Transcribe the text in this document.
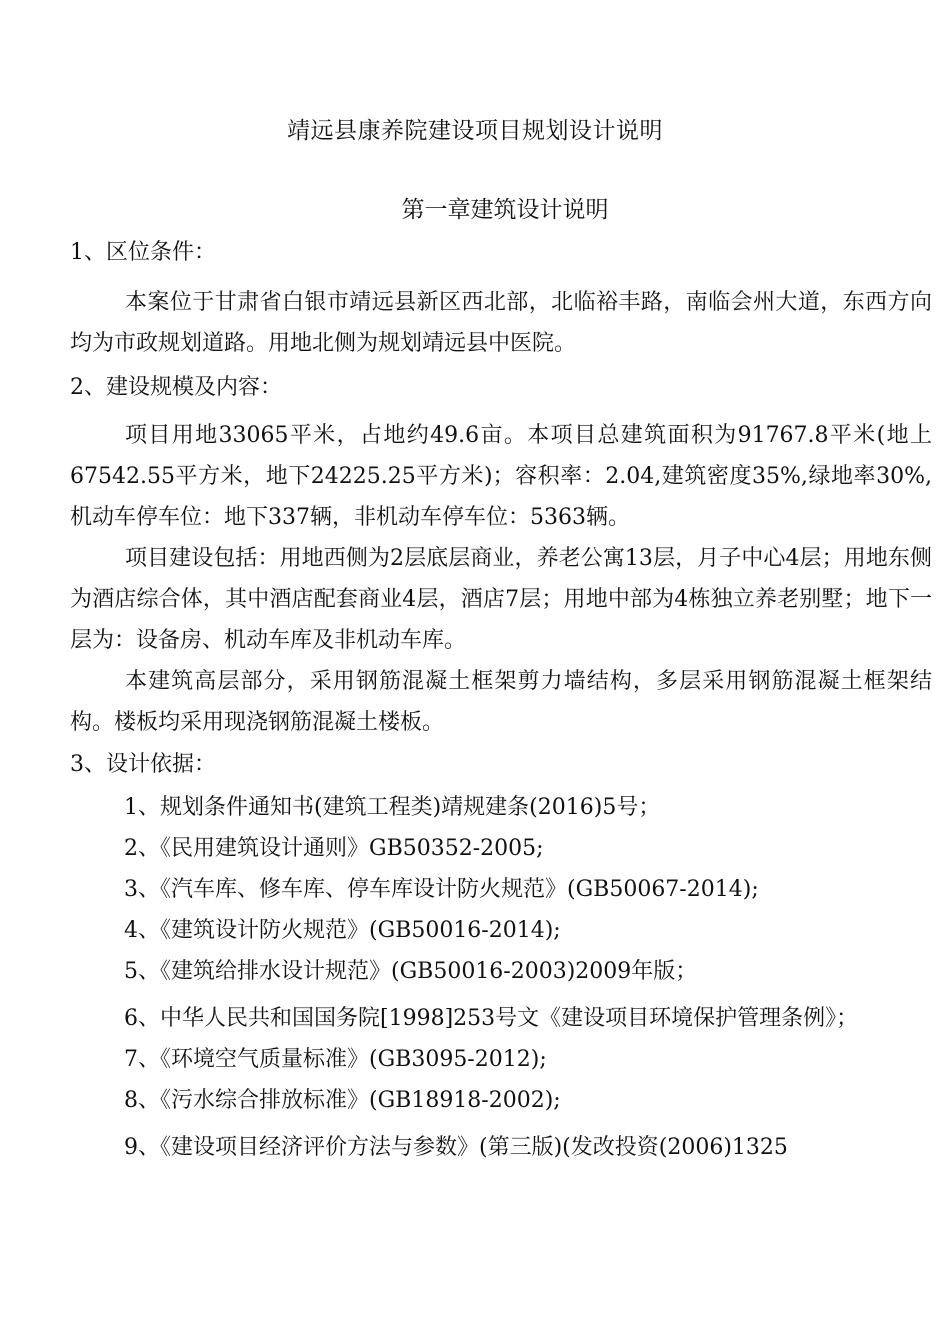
靖远县康养院建设项目规划设计说明
第一章建筑设计说明
1、区位条件：

本案位于甘肃省白银市靖远县新区西北部，北临裕丰路，南临会州大道，东西方向均为市政规划道路。用地北侧为规划靖远县中医院。

2、建设规模及内容：

项目用地33065平米，占地约49.6亩。本项目总建筑面积为91767.8平米(地上67542.55平方米，地下24225.25平方米)；容积率：2.04,建筑密度35%,绿地率30%,机动车停车位：地下337辆，非机动车停车位：5363辆。

项目建设包括：用地西侧为2层底层商业，养老公寓13层，月子中心4层；用地东侧为酒店综合体，其中酒店配套商业4层，酒店7层；用地中部为4栋独立养老别墅；地下一层为：设备房、机动车库及非机动车库。

本建筑高层部分，采用钢筋混凝土框架剪力墙结构，多层采用钢筋混凝土框架结构。楼板均采用现浇钢筋混凝土楼板。

3、设计依据：
1、规划条件通知书(建筑工程类)靖规建条(2016)5号；
2、《民用建筑设计通则》GB50352-2005;
3、《汽车库、修车库、停车库设计防火规范》(GB50067-2014);
4、《建筑设计防火规范》(GB50016-2014);
5、《建筑给排水设计规范》(GB50016-2003)2009年版；
6、中华人民共和国国务院[1998]253号文《建设项目环境保护管理条例》；
7、《环境空气质量标准》(GB3095-2012);
8、《污水综合排放标准》(GB18918-2002);
9、《建设项目经济评价方法与参数》(第三版)(发改投资(2006)1325
